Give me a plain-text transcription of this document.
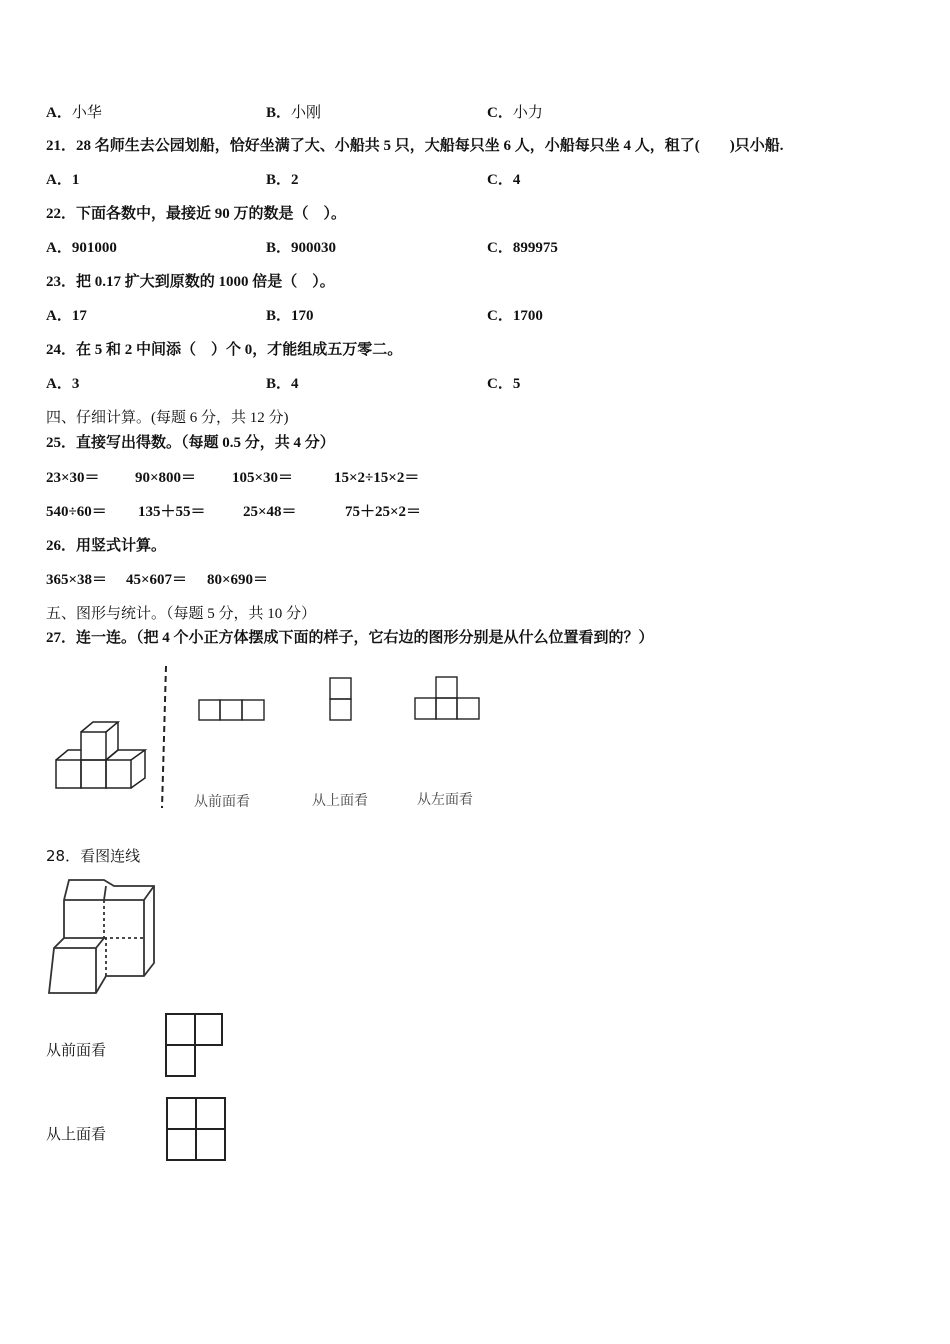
A．小华	B．小刚	C．小力
21．28 名师生去公园划船，恰好坐满了大、小船共 5 只，大船每只坐 6 人，小船每只坐 4 人，租了(　　)只小船.
A．1	B．2	C．4
22．下面各数中，最接近 90 万的数是（　）。
A．901000	B．900030	C．899975
23．把 0.17 扩大到原数的 1000 倍是（　）。
A．17	B．170	C．1700
24．在 5 和 2 中间添（　）个 0，才能组成五万零二。
A．3	B．4	C．5
四、仔细计算。(每题 6 分，共 12 分)
25．直接写出得数。（每题 0.5 分，共 4 分）
23×30＝ 90×800＝ 105×30＝	15×2÷15×2＝
540÷60＝ 135＋55＝ 25×48＝	75＋25×2＝
26．用竖式计算。
365×38＝ 45×607＝ 80×690＝
五、图形与统计。（每题 5 分，共 10 分）
27．连一连。（把 4 个小正方体摆成下面的样子，它右边的图形分别是从什么位置看到的？）
从前面看	从上面看	从左面看
28．看图连线
从前面看
从上面看
